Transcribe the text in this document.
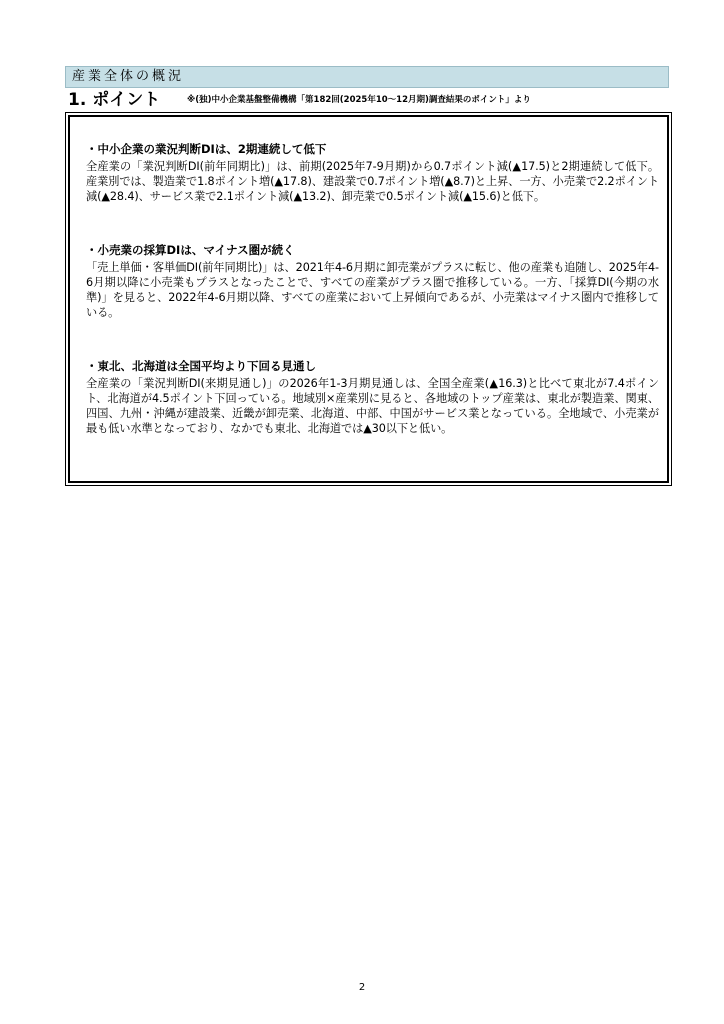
産業全体の概況
1. ポイント	※(独)中小企業基盤整備機構「第182回(2025年10～12月期)調査結果のポイント」より

・中小企業の業況判断DIは、2期連続して低下

全産業の「業況判断DI(前年同期比)」は、前期(2025年7-9月期)から0.7ポイント減(▲17.5)と2期連続して低下。産業別では、製造業で1.8ポイント増(▲17.8)、建設業で0.7ポイント増(▲8.7)と上昇、一方、小売業で2.2ポイント減(▲28.4)、サービス業で2.1ポイント減(▲13.2)、卸売業で0.5ポイント減(▲15.6)と低下。

・小売業の採算DIは、マイナス圏が続く

「売上単価・客単価DI(前年同期比)」は、2021年4-6月期に卸売業がプラスに転じ、他の産業も追随し、2025年4-6月期以降に小売業もプラスとなったことで、すべての産業がプラス圏で推移している。一方、「採算DI(今期の水準)」を見ると、2022年4-6月期以降、すべての産業において上昇傾向であるが、小売業はマイナス圏内で推移している。

・東北、北海道は全国平均より下回る見通し

全産業の「業況判断DI(来期見通し)」の2026年1-3月期見通しは、全国全産業(▲16.3)と比べて東北が7.4ポイント、北海道が4.5ポイント下回っている。地域別×産業別に見ると、各地域のトップ産業は、東北が製造業、関東、四国、九州・沖縄が建設業、近畿が卸売業、北海道、中部、中国がサービス業となっている。全地域で、小売業が最も低い水準となっており、なかでも東北、北海道では▲30以下と低い。

2
